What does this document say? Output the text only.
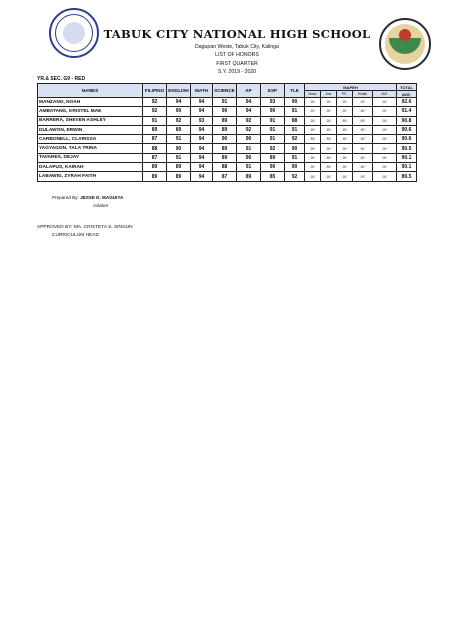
TABUK CITY NATIONAL HIGH SCHOOL
Dagupan Weste, Tabuk City, Kalinga
LIST OF HONORS
FIRST QUARTER
S.Y. 2019 - 2020
YR.& SEC. G9 - RED
NAMES	FILIPINO	ENGLISH	MATH	SCIENCE	AP	ESP	TLE	MAPEH					TOTAL
								Music	Arts	P.E.	Health	AVE	AVE.
MANZANO, NOAH	92	94	94	91	94	93	90	90	90	93	93	92	92.6
AMBATANG, KRISTEL MAE	92	90	94	90	94	90	91	93	90	91	90	91	91.4
BARRERA, SHEVEN ASHLEY	91	92	93	89	92	91	88	90	90	89	89	90	90.8
DULAWON, ERWIN	89	89	94	89	92	91	91	90	89	89	90	90	90.6
CARBONELL, CLARISSA	87	91	94	90	90	91	92	89	89	90	90	90	90.6
YAGYAGON, TALA TRINA	88	90	94	89	91	92	90	89	90	90	90	90	90.5
TAVARES, DEJAY	87	91	94	89	90	89	91	90	89	90	90	90	90.1
DALAPUS, KAIRAH	89	89	94	88	91	90	90	90	89	90	90	90	90.1
LABAWIG, ZYRAH FAITH	89	89	94	87	89	85	92	90	91	91	93	91	89.5
Prepared By: JESSE D. MAGUIYA
Adviser
APPROVED BY: MA. CRISTETA S. SINGUN
CURRICULUM HEAD
